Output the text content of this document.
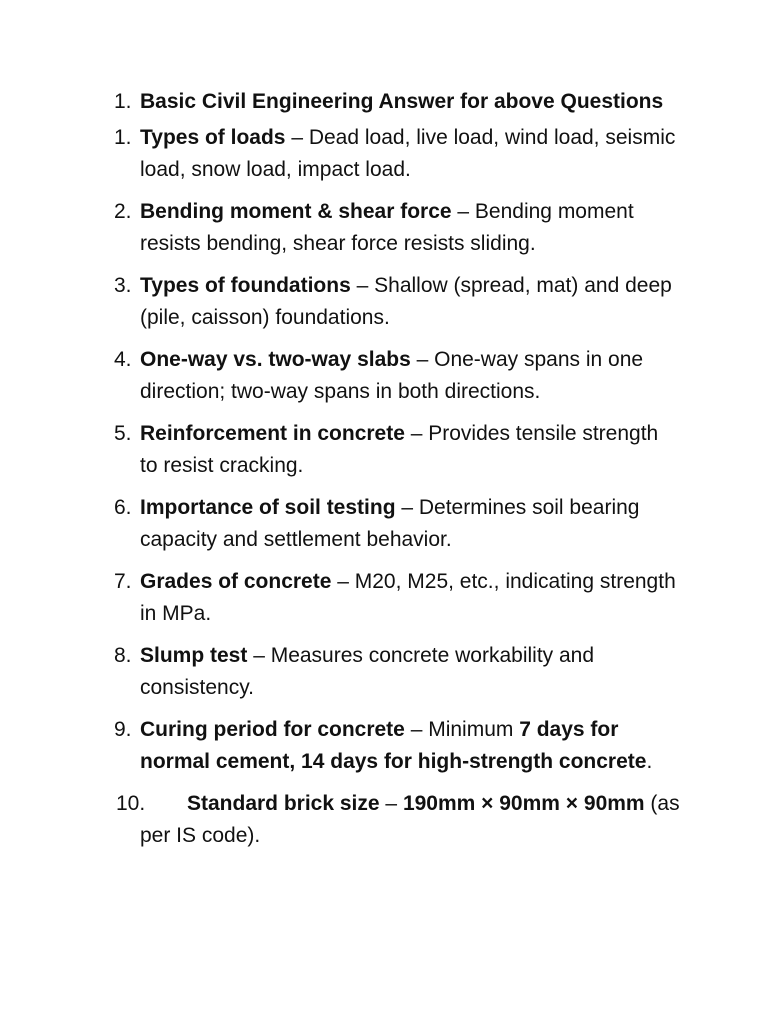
1. Basic Civil Engineering Answer for above Questions
1. Types of loads – Dead load, live load, wind load, seismic load, snow load, impact load.
2. Bending moment & shear force – Bending moment resists bending, shear force resists sliding.
3. Types of foundations – Shallow (spread, mat) and deep (pile, caisson) foundations.
4. One-way vs. two-way slabs – One-way spans in one direction; two-way spans in both directions.
5. Reinforcement in concrete – Provides tensile strength to resist cracking.
6. Importance of soil testing – Determines soil bearing capacity and settlement behavior.
7. Grades of concrete – M20, M25, etc., indicating strength in MPa.
8. Slump test – Measures concrete workability and consistency.
9. Curing period for concrete – Minimum 7 days for normal cement, 14 days for high-strength concrete.
10.	Standard brick size – 190mm × 90mm × 90mm (as per IS code).
